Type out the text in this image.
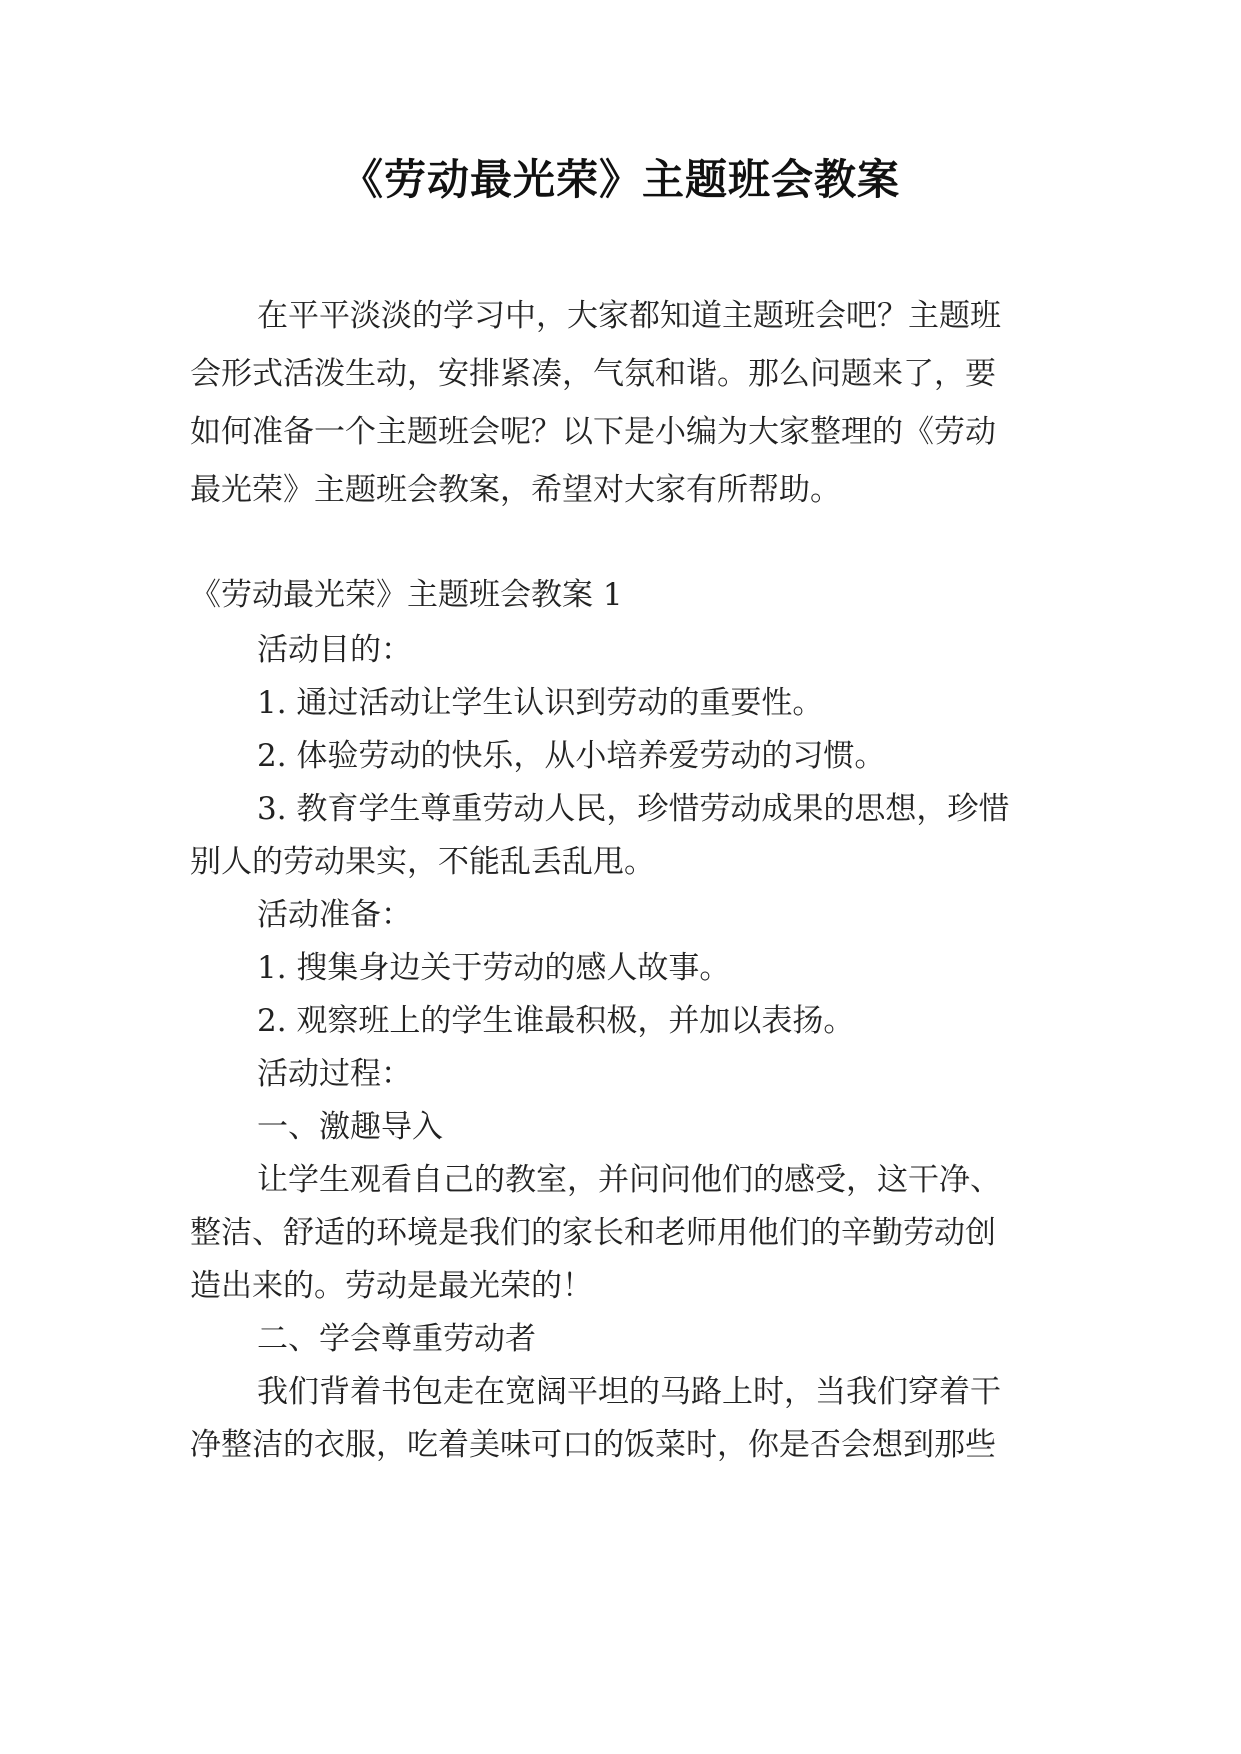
《劳动最光荣》主题班会教案
在平平淡淡的学习中，大家都知道主题班会吧？主题班
会形式活泼生动，安排紧凑，气氛和谐。那么问题来了，要
如何准备一个主题班会呢？以下是小编为大家整理的《劳动
最光荣》主题班会教案，希望对大家有所帮助。
《劳动最光荣》主题班会教案 1
活动目的：
1. 通过活动让学生认识到劳动的重要性。
2. 体验劳动的快乐，从小培养爱劳动的习惯。
3. 教育学生尊重劳动人民，珍惜劳动成果的思想，珍惜
别人的劳动果实，不能乱丢乱甩。
活动准备：
1. 搜集身边关于劳动的感人故事。
2. 观察班上的学生谁最积极，并加以表扬。
活动过程：
一、激趣导入
让学生观看自己的教室，并问问他们的感受，这干净、
整洁、舒适的环境是我们的家长和老师用他们的辛勤劳动创
造出来的。劳动是最光荣的！
二、学会尊重劳动者
我们背着书包走在宽阔平坦的马路上时，当我们穿着干
净整洁的衣服，吃着美味可口的饭菜时，你是否会想到那些
